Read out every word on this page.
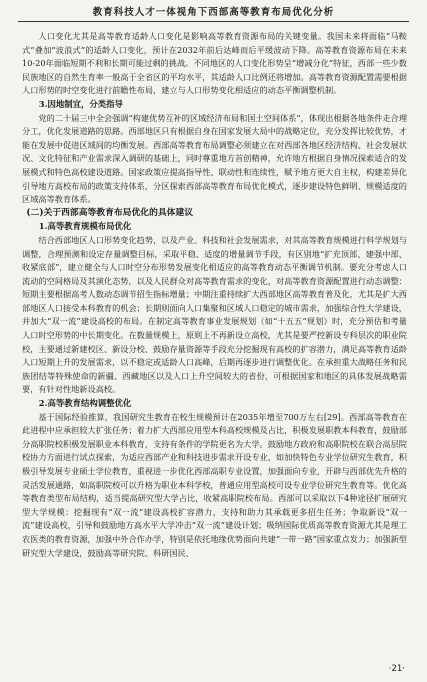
教育科技人才一体视角下西部高等教育布局优化分析

人口变化尤其是高等教育适龄人口变化是影响高等教育资源布局的关键变量。我国未来将面临“马鞍式”叠加“波浪式”的适龄人口变化，预计在2032年前后达峰而后平缓波动下降。高等教育资源布局在未来10-20年面临短期不利和长期可能过剩的挑战。不同地区的人口变化形势呈“增减分化”特征，西部一些少数民族地区的自然生育率一般高于全省区的平均水平，其适龄人口比例还将增加。高等教育资源配置需要根据人口形势的时空变化进行前瞻性布局，建立与人口形势变化相适应的动态平衡调整机制。

3.因地制宜，分类指导

党的二十届三中全会强调“构建优势互补的区域经济布局和国土空间体系”，体现出根据各地条件走合理分工，优化发展道路的思路。西部地区只有根据自身在国家发展大局中的战略定位，充分发挥比较优势，才能在发展中促进区域间的均衡发展。西部高等教育布局调整必须建立在对西部各地区经济结构、社会发展状况、文化特征和产业需求深入调研的基础上，同时尊重地方首创精神，允许地方根据自身情况探索适合的发展模式和特色高校建设道路。国家政策应提高指导性、联动性和连续性，赋予地方更大自主权，构建差异化引导地方高校布局的政策支持体系，分区探索西部高等教育布局优化模式，逐步建设特色鲜明、规模适度的区域高等教育体系。

(二)关于西部高等教育布局优化的具体建议
1.高等教育规模布局优化

结合西部地区人口形势变化趋势，以及产业、科技和社会发展需求，对其高等教育规模进行科学规划与调整，合理预测和设定存量调整目标，采取平稳、适度的增量调节手段，有区别地“扩充顶部、建强中部、收紧底部”，建立健全与人口时空分布形势发展变化相适应的高等教育动态平衡调节机制。要充分考虑人口流动的空间格局及其演化态势，以及人民群众对高等教育需求的变化，对高等教育资源配置进行动态调整：短期主要根据高考人数动态调节招生指标增量；中期注重持续扩大西部地区高等教育普及化，尤其是扩大西部地区人口接受本科教育的机会；长期则面向人口集聚和区域人口稳定的城市需求，加强综合性大学建设，并加大“双一流”建设高校的布局。在制定高等教育事业发展规划（如“十五五”规划）时，充分预估和考量人口时空形势的中长期变化。在数量规模上，原则上不再新设立高校，尤其是要严控新设专科层次的职业院校，主要通过新建校区、新设分校、鼓励存量资源等手段充分挖掘现有高校的扩容潜力，满足高等教育适龄人口短期上升的发展需求，以不稳定或适龄人口高峰，后期再逐步进行调整优化。在承担重大战略任务和民族团结等特殊使命的新疆、西藏地区以及人口上升空间较大的省份，可根据国家和地区的具体发展战略需要，有针对性地新设高校。

2.高等教育结构调整优化

基于国际经验推算，我国研究生教育在校生规模预计在2035年增至700万左右[29]。西部高等教育在此进程中应承担较大扩张任务；着力扩大西部应用型本科高校规模及占比，积极发展职教本科教育，鼓励部分高职院校积极发展职业本科教育，支持有条件的学院更名为大学。鼓励地方政府和高职院校在联合高层院校协力方面进行试点探索，为适应西部产业和科技进步需求开设专业，如加快特色专业学位研究生教育，积极引导发展专业硕士学位教育，重视进一步优化西部高职专业设置，加强面向专业，开辟与西部优先升格的灵活发展通路，如高职院校可以升格为职业本科学校，普通应用型高校可设专业学位研究生教育等。优化高等教育类型布局结构，适当提高研究型大学占比，收紧高职院校布局。西部可以采取以下4种途径扩展研究型大学规模：挖掘现有“双一流”建设高校扩容潜力，支持和助力其承载更多招生任务；争取新设“双一流”建设高校，引导和鼓励地方高水平大学冲击“双一流”建设计划；吸纳国际优质高等教育资源尤其是理工农医类的教育资源，加强中外合作办学，特别是依托地缘优势面向共建“一带一路”国家重点发力；加强新型研究型大学建设，鼓励高等研究院、科研国民、

·21·
